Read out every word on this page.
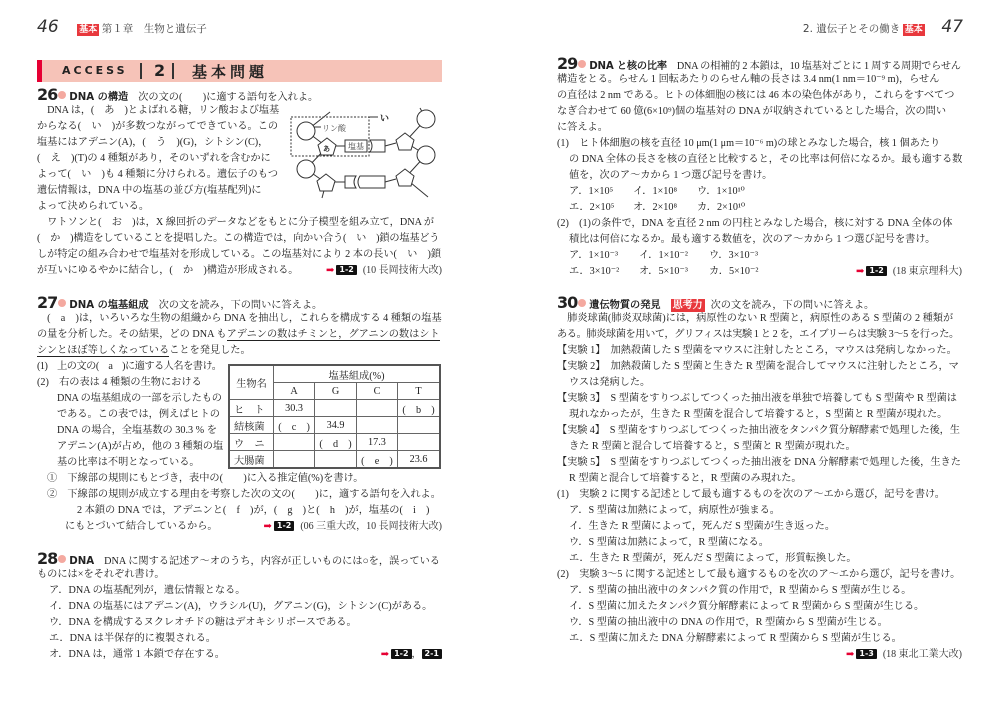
46 基本 第１章　生物と遺伝子	2. 遺伝子とその働き 基本 47
ACCESS 2 基本問題
26 DNA の構造 次の文の(　　)に適する語句を入れよ。
　DNA は，(　あ　)とよばれる糖，リン酸および塩基
からなる(　い　)が多数つながってできている。この
塩基にはアデニン(A)，(　う　)(G)，シトシン(C)，
(　え　)(T)の 4 種類があり，そのいずれを含むかに
よって(　い　)も 4 種類に分けられる。遺伝子のもつ
遺伝情報は，DNA 中の塩基の並び方(塩基配列)に
よって決められている。
　ワトソンと(　お　)は，X 線回折のデータなどをもとに分子模型を組み立て，DNA が
(　か　)構造をしていることを提唱した。この構造では，向かい合う(　い　)鎖の塩基どう
しが特定の組み合わせで塩基対を形成している。この塩基対により 2 本の長い(　い　)鎖
が互いにゆるやかに結合し，(　か　)構造が形成される。	➡ 1-2 (10 長岡技術大改)
リン酸
塩基
あ
い
27 DNA の塩基組成 次の文を読み，下の問いに答えよ。
　(　a　)は，いろいろな生物の組織から DNA を抽出し，これらを構成する 4 種類の塩基
の量を分析した。その結果，どの DNA もアデニンの数はチミンと，グアニンの数はシト
シンとほぼ等しくなっていることを発見した。
(1)　上の文の(　a　)に適する人名を書け。
(2)　右の表は 4 種類の生物における
DNA の塩基組成の一部を示したもの
である。この表では，例えばヒトの
DNA の場合，全塩基数の 30.3 % を
アデニン(A)が占め，他の 3 種類の塩
基の比率は不明となっている。
①　下線部の規則にもとづき，表中の(　　)に入る推定値(%)を書け。
②　下線部の規則が成立する理由を考察した次の文の(　　)に，適する語句を入れよ。
2 本鎖の DNA では，アデニンと(　f　)が，(　g　)と(　h　)が，塩基の(　i　)
にもとづいて結合しているから。	➡ 1-2 (06 三重大改，10 長岡技術大改)
生物名	塩基組成(%)			
	A	G	C	T
ヒ　ト	30.3			(　b　)
結核菌	(　c　)	34.9		
ウ　ニ		(　d　)	17.3	
大腸菌			(　e　)	23.6
28 DNA DNA に関する記述ア～オのうち，内容が正しいものには○を，誤っている
ものには×をそれぞれ書け。
ア．DNA の塩基配列が，遺伝情報となる。
イ．DNA の塩基にはアデニン(A)，ウラシル(U)，グアニン(G)，シトシン(C)がある。
ウ．DNA を構成するヌクレオチドの糖はデオキシリボースである。
エ．DNA は半保存的に複製される。
オ．DNA は，通常 1 本鎖で存在する。	➡ 1-2 ， 2-1
29 DNA と核の比率 DNA の相補的 2 本鎖は，10 塩基対ごとに 1 周する周期でらせん
構造をとる。らせん 1 回転あたりのらせん軸の長さは 3.4 nm(1 nm＝10⁻⁹ m)，らせん
の直径は 2 nm である。ヒトの体細胞の核には 46 本の染色体があり，これらをすべてつ
なぎ合わせて 60 億(6×10⁹)個の塩基対の DNA が収納されているとした場合，次の問い
に答えよ。
(1)　ヒト体細胞の核を直径 10 μm(1 μm＝10⁻⁶ m)の球とみなした場合，核 1 個あたり
の DNA 全体の長さを核の直径と比較すると，その比率は何倍になるか。最も適する数
値を，次のア～カから 1 つ選び記号を書け。
ア．1×10⁵	イ．1×10⁸	ウ．1×10¹⁰
エ．2×10⁵	オ．2×10⁸	カ．2×10¹⁰
(2)　(1)の条件で，DNA を直径 2 nm の円柱とみなした場合，核に対する DNA 全体の体
積比は何倍になるか。最も適する数値を，次のア～カから 1 つ選び記号を書け。
ア．1×10⁻³	イ．1×10⁻²	ウ．3×10⁻³
エ．3×10⁻²	オ．5×10⁻³	カ．5×10⁻²	➡ 1-2 (18 東京理科大)
30 遺伝物質の発見 思考力 次の文を読み，下の問いに答えよ。
　肺炎球菌(肺炎双球菌)には，病原性のない R 型菌と，病原性のある S 型菌の 2 種類が
ある。肺炎球菌を用いて，グリフィスは実験 1 と 2 を，エイブリーらは実験 3～5 を行った。
【実験 1】　加熱殺菌した S 型菌をマウスに注射したところ，マウスは発病しなかった。
【実験 2】　加熱殺菌した S 型菌と生きた R 型菌を混合してマウスに注射したところ，マ
ウスは発病した。
【実験 3】　S 型菌をすりつぶしてつくった抽出液を単独で培養しても S 型菌や R 型菌は
現れなかったが，生きた R 型菌を混合して培養すると，S 型菌と R 型菌が現れた。
【実験 4】　S 型菌をすりつぶしてつくった抽出液をタンパク質分解酵素で処理した後，生
きた R 型菌と混合して培養すると，S 型菌と R 型菌が現れた。
【実験 5】　S 型菌をすりつぶしてつくった抽出液を DNA 分解酵素で処理した後，生きた
R 型菌と混合して培養すると，R 型菌のみ現れた。
(1)　実験 2 に関する記述として最も適するものを次のア～エから選び，記号を書け。
ア．S 型菌は加熱によって，病原性が強まる。
イ．生きた R 型菌によって，死んだ S 型菌が生き返った。
ウ．S 型菌は加熱によって，R 型菌になる。
エ．生きた R 型菌が，死んだ S 型菌によって，形質転換した。
(2)　実験 3～5 に関する記述として最も適するものを次のア～エから選び，記号を書け。
ア．S 型菌の抽出液中のタンパク質の作用で，R 型菌から S 型菌が生じる。
イ．S 型菌に加えたタンパク質分解酵素によって R 型菌から S 型菌が生じる。
ウ．S 型菌の抽出液中の DNA の作用で，R 型菌から S 型菌が生じる。
エ．S 型菌に加えた DNA 分解酵素によって R 型菌から S 型菌が生じる。
➡ 1-3 (18 東北工業大改)
